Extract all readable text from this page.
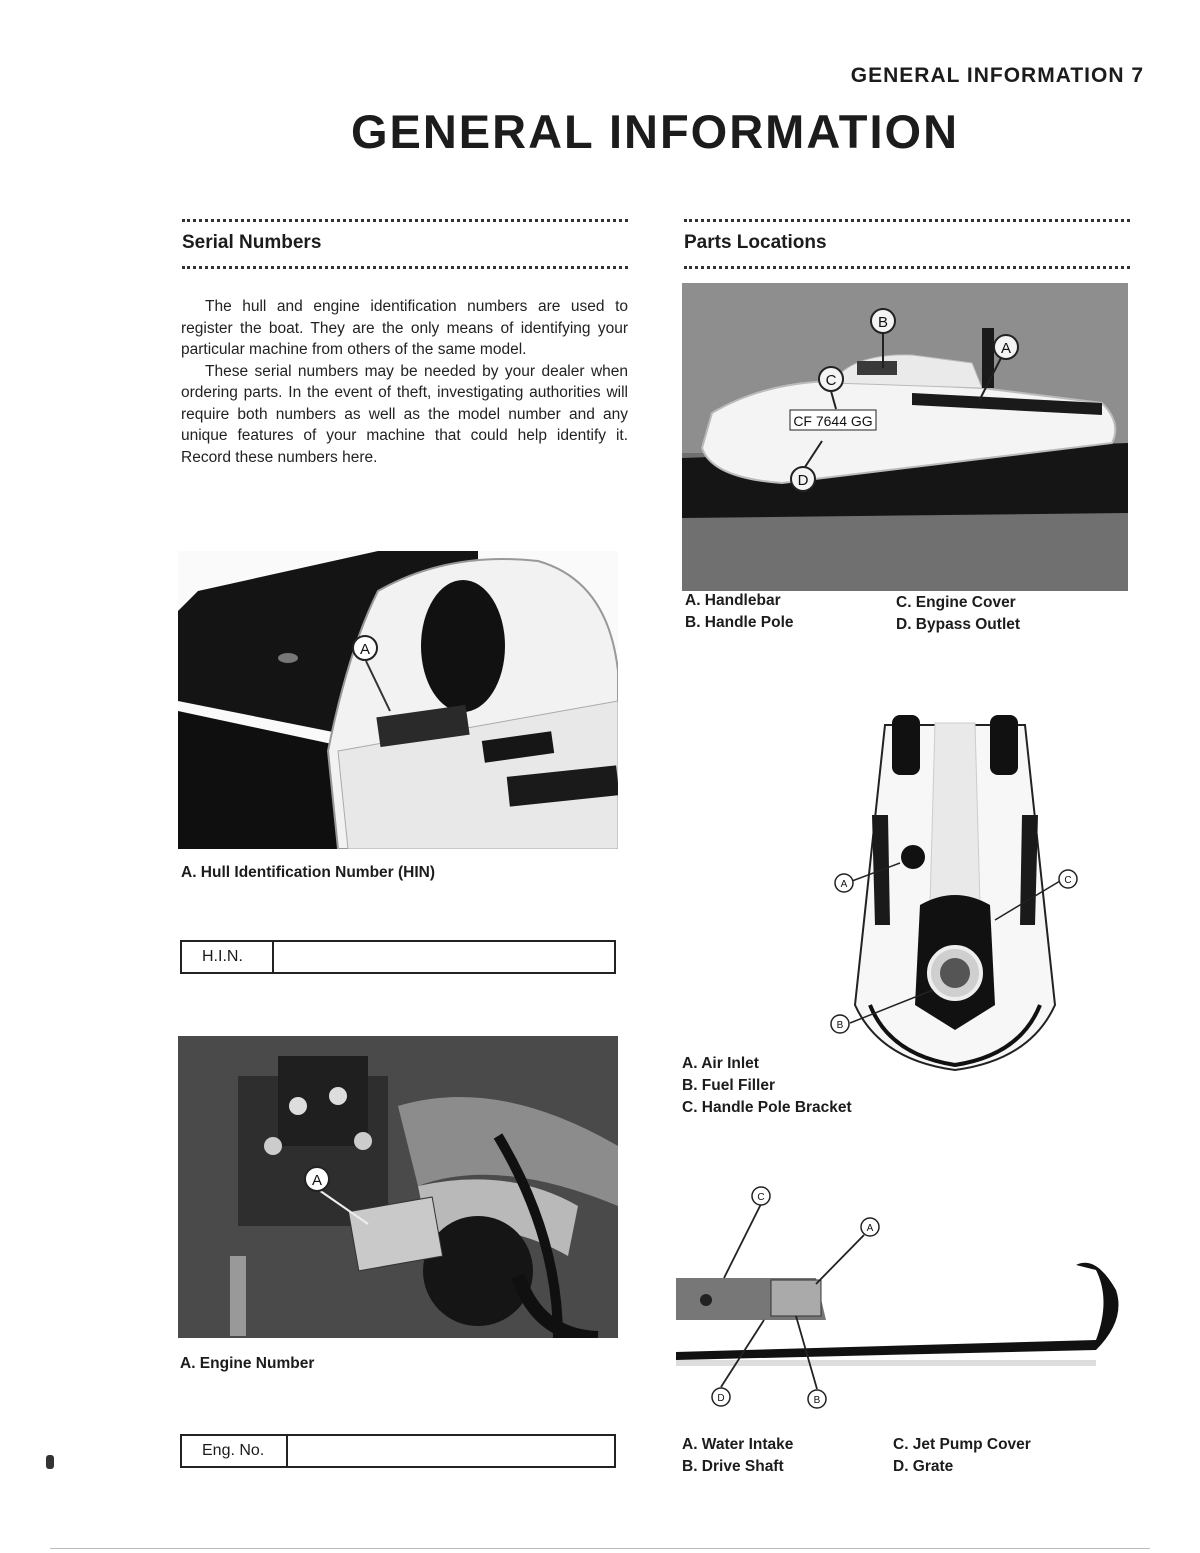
GENERAL INFORMATION 7
GENERAL INFORMATION
Serial Numbers

The hull and engine identification numbers are used to register the boat. They are the only means of identifying your particular machine from others of the same model.

These serial numbers may be needed by your dealer when ordering parts. In the event of theft, investigating authorities will require both numbers as well as the model number and any unique features of your machine that could help identify it. Record these numbers here.

A
A. Hull Identification Number (HIN)
H.I.N.
A
A. Engine Number
Eng. No.
Parts Locations
CF 7644 GG
A
B
C
D
A. Handlebar
B. Handle Pole
C. Engine Cover
D. Bypass Outlet
A
B
C
A. Air Inlet
B. Fuel Filler
C. Handle Pole Bracket
A
B
C
D
A. Water Intake
B. Drive Shaft
C. Jet Pump Cover
D. Grate
